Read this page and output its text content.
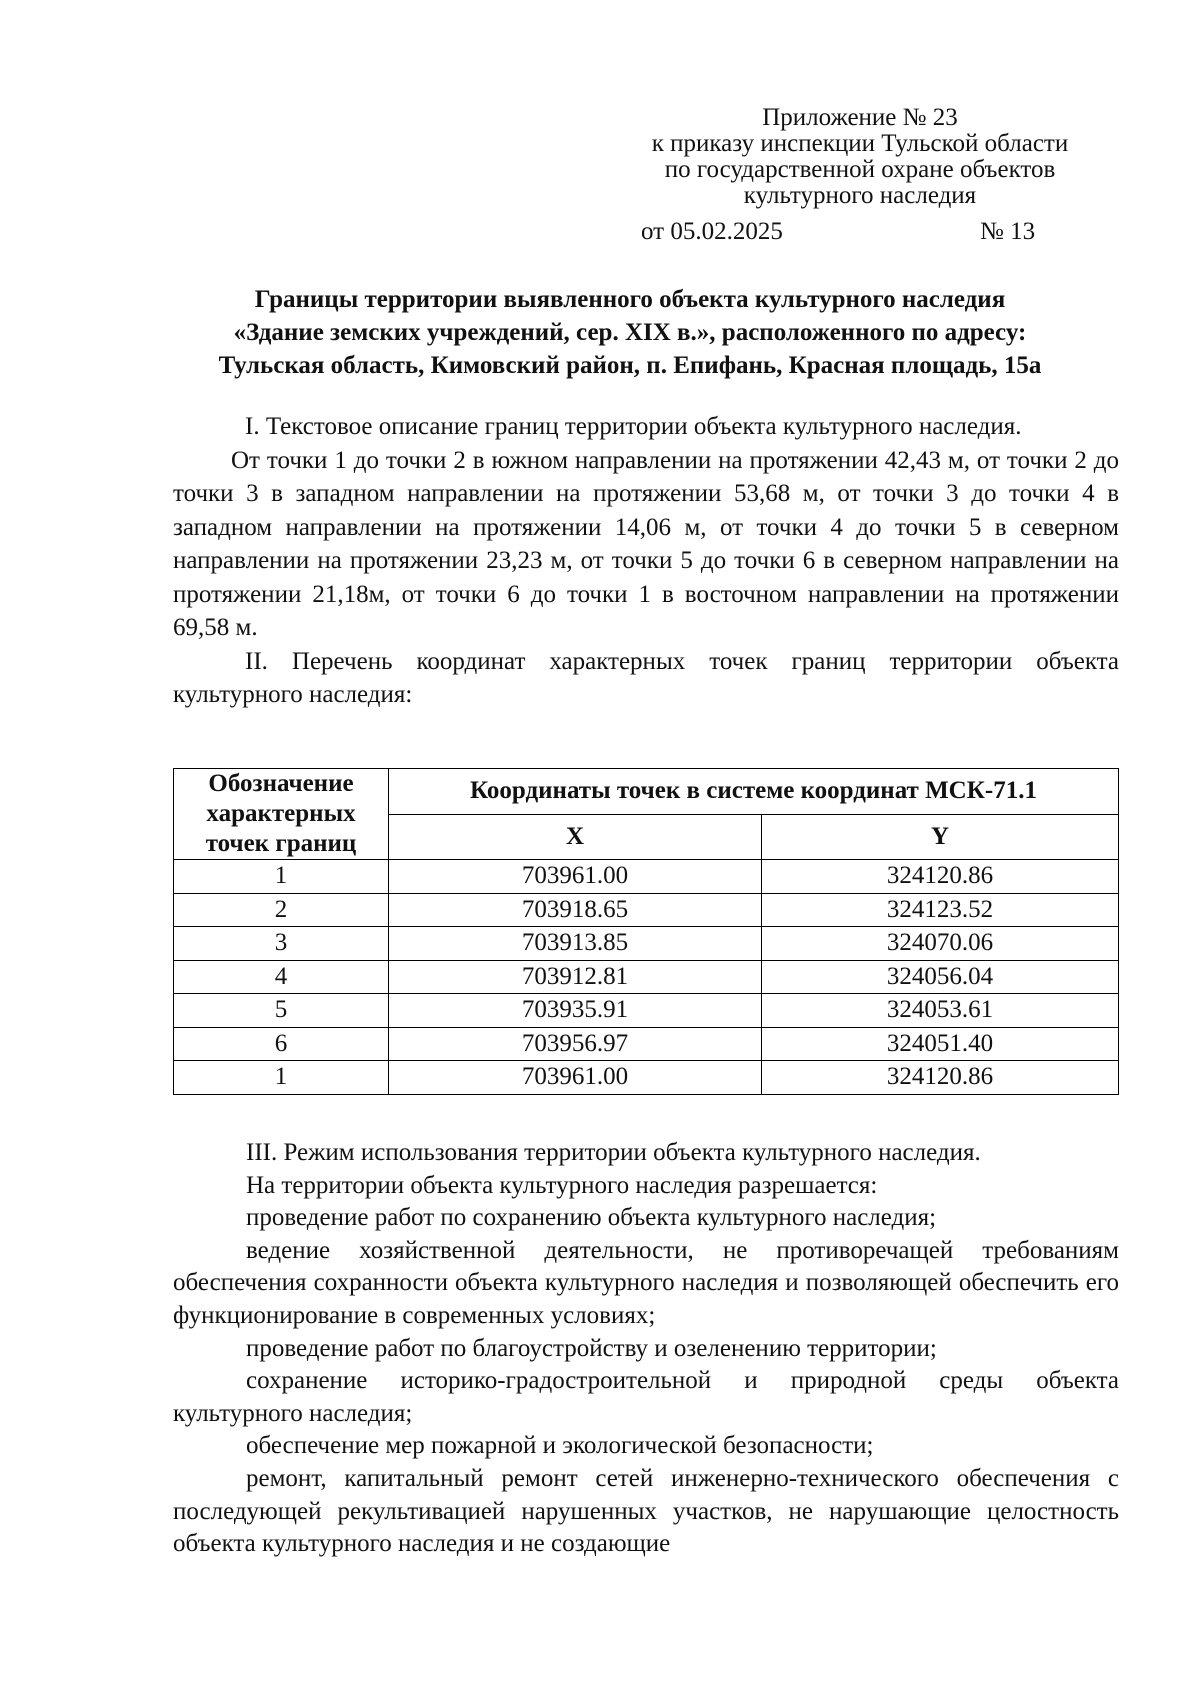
Приложение № 23
к приказу инспекции Тульской области
по государственной охране объектов
культурного наследия
от 05.02.2025	№ 13
Границы территории выявленного объекта культурного наследия
«Здание земских учреждений, сер. XIX в.», расположенного по адресу:
Тульская область, Кимовский район, п. Епифань, Красная площадь, 15а

I. Текстовое описание границ территории объекта культурного наследия.

От точки 1 до точки 2 в южном направлении на протяжении 42,43 м, от точки 2 до точки 3 в западном направлении на протяжении 53,68 м, от точки 3 до точки 4 в западном направлении на протяжении 14,06 м, от точки 4 до точки 5 в северном направлении на протяжении 23,23 м, от точки 5 до точки 6 в северном направлении на протяжении 21,18м, от точки 6 до точки 1 в восточном направлении на протяжении 69,58 м.

II. Перечень координат характерных точек границ территории объекта культурного наследия:

Обозначение характерных точек границ	Координаты точек в системе координат МСК-71.1	
	X	Y
1	703961.00	324120.86
2	703918.65	324123.52
3	703913.85	324070.06
4	703912.81	324056.04
5	703935.91	324053.61
6	703956.97	324051.40
1	703961.00	324120.86

III. Режим использования территории объекта культурного наследия.

На территории объекта культурного наследия разрешается:

проведение работ по сохранению объекта культурного наследия;

ведение хозяйственной деятельности, не противоречащей требованиям обеспечения сохранности объекта культурного наследия и позволяющей обеспечить его функционирование в современных условиях;

проведение работ по благоустройству и озеленению территории;

сохранение историко-градостроительной и природной среды объекта культурного наследия;

обеспечение мер пожарной и экологической безопасности;

ремонт, капитальный ремонт сетей инженерно-технического обеспечения с последующей рекультивацией нарушенных участков, не нарушающие целостность объекта культурного наследия и не создающие
